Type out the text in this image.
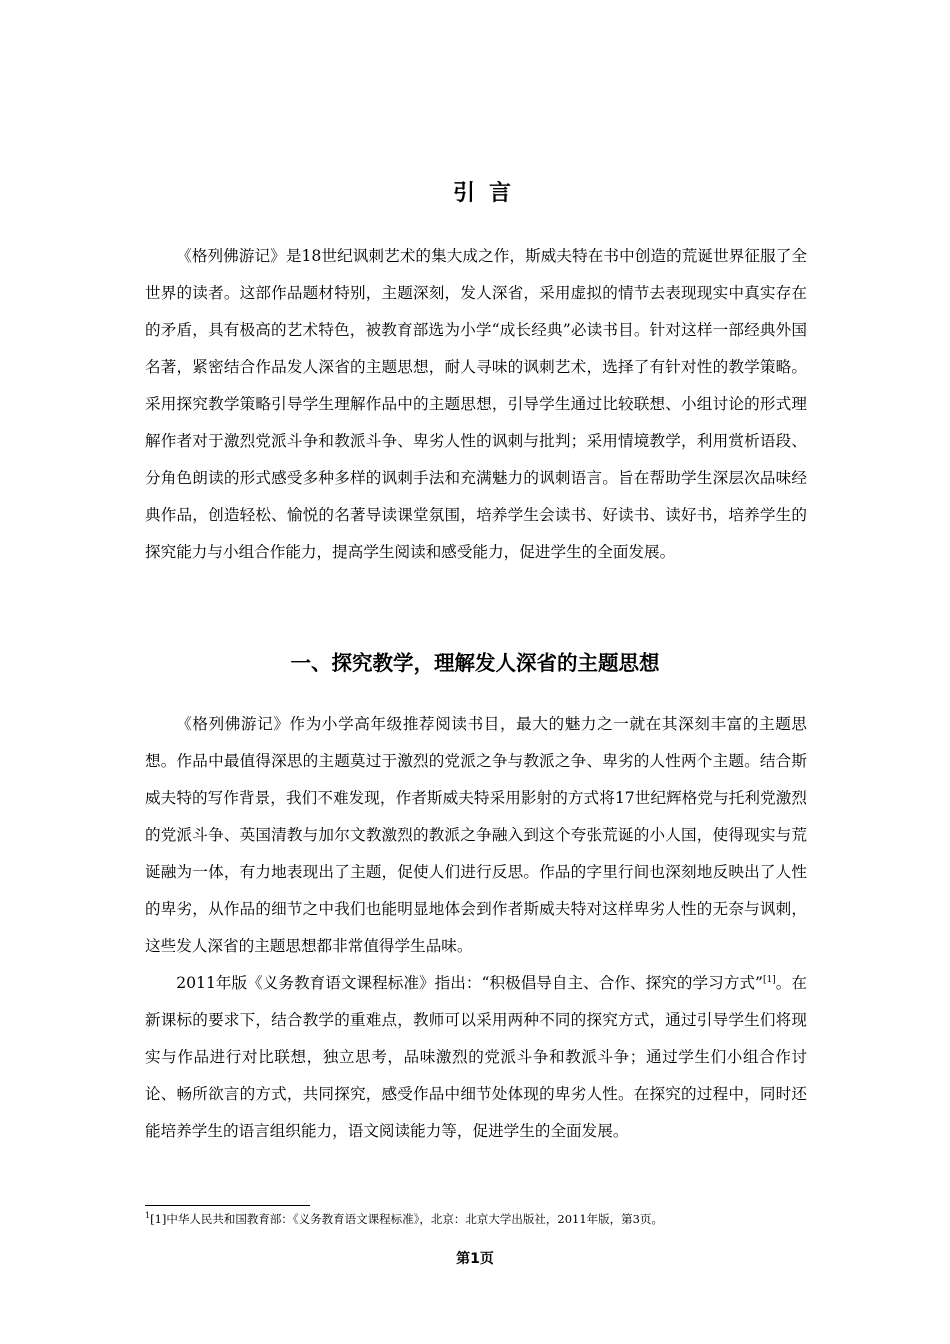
引言

《格列佛游记》是18世纪讽刺艺术的集大成之作，斯威夫特在书中创造的荒诞世界征服了全世界的读者。这部作品题材特别，主题深刻，发人深省，采用虚拟的情节去表现现实中真实存在的矛盾，具有极高的艺术特色，被教育部选为小学“成长经典”必读书目。针对这样一部经典外国名著，紧密结合作品发人深省的主题思想，耐人寻味的讽刺艺术，选择了有针对性的教学策略。采用探究教学策略引导学生理解作品中的主题思想，引导学生通过比较联想、小组讨论的形式理解作者对于激烈党派斗争和教派斗争、卑劣人性的讽刺与批判；采用情境教学，利用赏析语段、分角色朗读的形式感受多种多样的讽刺手法和充满魅力的讽刺语言。旨在帮助学生深层次品味经典作品，创造轻松、愉悦的名著导读课堂氛围，培养学生会读书、好读书、读好书，培养学生的探究能力与小组合作能力，提高学生阅读和感受能力，促进学生的全面发展。

一、探究教学，理解发人深省的主题思想

《格列佛游记》作为小学高年级推荐阅读书目，最大的魅力之一就在其深刻丰富的主题思想。作品中最值得深思的主题莫过于激烈的党派之争与教派之争、卑劣的人性两个主题。结合斯威夫特的写作背景，我们不难发现，作者斯威夫特采用影射的方式将17世纪辉格党与托利党激烈的党派斗争、英国清教与加尔文教激烈的教派之争融入到这个夸张荒诞的小人国，使得现实与荒诞融为一体，有力地表现出了主题，促使人们进行反思。作品的字里行间也深刻地反映出了人性的卑劣，从作品的细节之中我们也能明显地体会到作者斯威夫特对这样卑劣人性的无奈与讽刺，这些发人深省的主题思想都非常值得学生品味。

2011年版《义务教育语文课程标准》指出：“积极倡导自主、合作、探究的学习方式”[1]。在新课标的要求下，结合教学的重难点，教师可以采用两种不同的探究方式，通过引导学生们将现实与作品进行对比联想，独立思考，品味激烈的党派斗争和教派斗争；通过学生们小组合作讨论、畅所欲言的方式，共同探究，感受作品中细节处体现的卑劣人性。在探究的过程中，同时还能培养学生的语言组织能力，语文阅读能力等，促进学生的全面发展。

$^1$[1]中华人民共和国教育部：《义务教育语文课程标准》，北京：北京大学出版社，2011年版，第3页。
第1页
